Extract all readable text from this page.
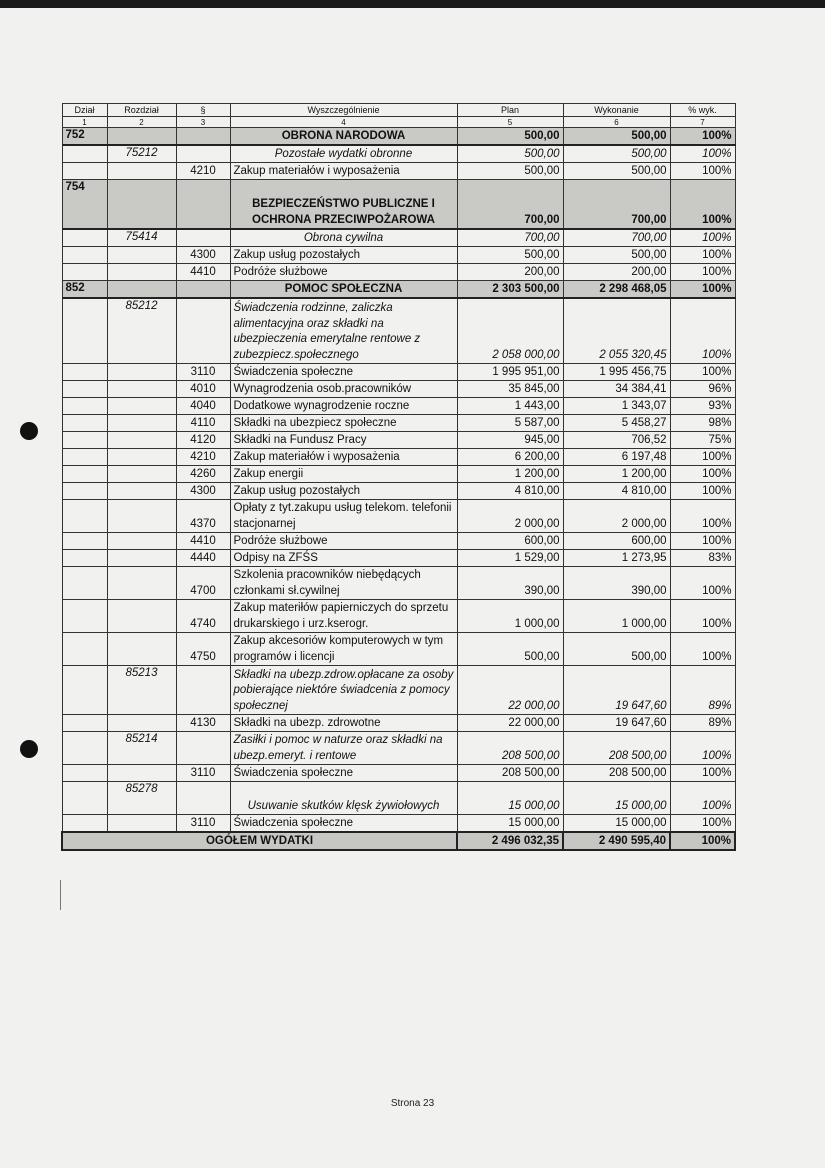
Dział	Rozdział	§	Wyszczególnienie	Plan	Wykonanie	% wyk.
1	2	3	4	5	6	7
752			OBRONA NARODOWA	500,00	500,00	100%
	75212		Pozostałe wydatki obronne	500,00	500,00	100%
		4210	Zakup materiałów i wyposażenia	500,00	500,00	100%
754			BEZPIECZEŃSTWO PUBLICZNE I OCHRONA PRZECIWPOŻAROWA	700,00	700,00	100%
	75414		Obrona cywilna	700,00	700,00	100%
		4300	Zakup usług pozostałych	500,00	500,00	100%
		4410	Podróże służbowe	200,00	200,00	100%
852			POMOC SPOŁECZNA	2 303 500,00	2 298 468,05	100%
	85212		Świadczenia rodzinne, zaliczka alimentacyjna oraz składki na ubezpieczenia emerytalne rentowe z zubezpiecz.społecznego	2 058 000,00	2 055 320,45	100%
		3110	Świadczenia społeczne	1 995 951,00	1 995 456,75	100%
		4010	Wynagrodzenia osob.pracowników	35 845,00	34 384,41	96%
		4040	Dodatkowe wynagrodzenie roczne	1 443,00	1 343,07	93%
		4110	Składki na ubezpiecz społeczne	5 587,00	5 458,27	98%
		4120	Składki na Fundusz Pracy	945,00	706,52	75%
		4210	Zakup materiałów i wyposażenia	6 200,00	6 197,48	100%
		4260	Zakup energii	1 200,00	1 200,00	100%
		4300	Zakup usług pozostałych	4 810,00	4 810,00	100%
		4370	Opłaty z tyt.zakupu usług telekom. telefonii stacjonarnej	2 000,00	2 000,00	100%
		4410	Podróże służbowe	600,00	600,00	100%
		4440	Odpisy na ZFŚS	1 529,00	1 273,95	83%
		4700	Szkolenia pracowników niebędących członkami sł.cywilnej	390,00	390,00	100%
		4740	Zakup materiłów papierniczych do sprzetu drukarskiego i urz.kserogr.	1 000,00	1 000,00	100%
		4750	Zakup akcesoriów komputerowych w tym programów i licencji	500,00	500,00	100%
	85213		Składki na ubezp.zdrow.opłacane za osoby pobierające niektóre świadcenia z pomocy społecznej	22 000,00	19 647,60	89%
		4130	Składki na ubezp. zdrowotne	22 000,00	19 647,60	89%
	85214		Zasiłki i pomoc w naturze oraz składki na ubezp.emeryt. i rentowe	208 500,00	208 500,00	100%
		3110	Świadczenia społeczne	208 500,00	208 500,00	100%
	85278		Usuwanie skutków klęsk żywiołowych	15 000,00	15 000,00	100%
		3110	Świadczenia społeczne	15 000,00	15 000,00	100%
OGÓŁEM WYDATKI				2 496 032,35	2 490 595,40	100%
Strona 23
